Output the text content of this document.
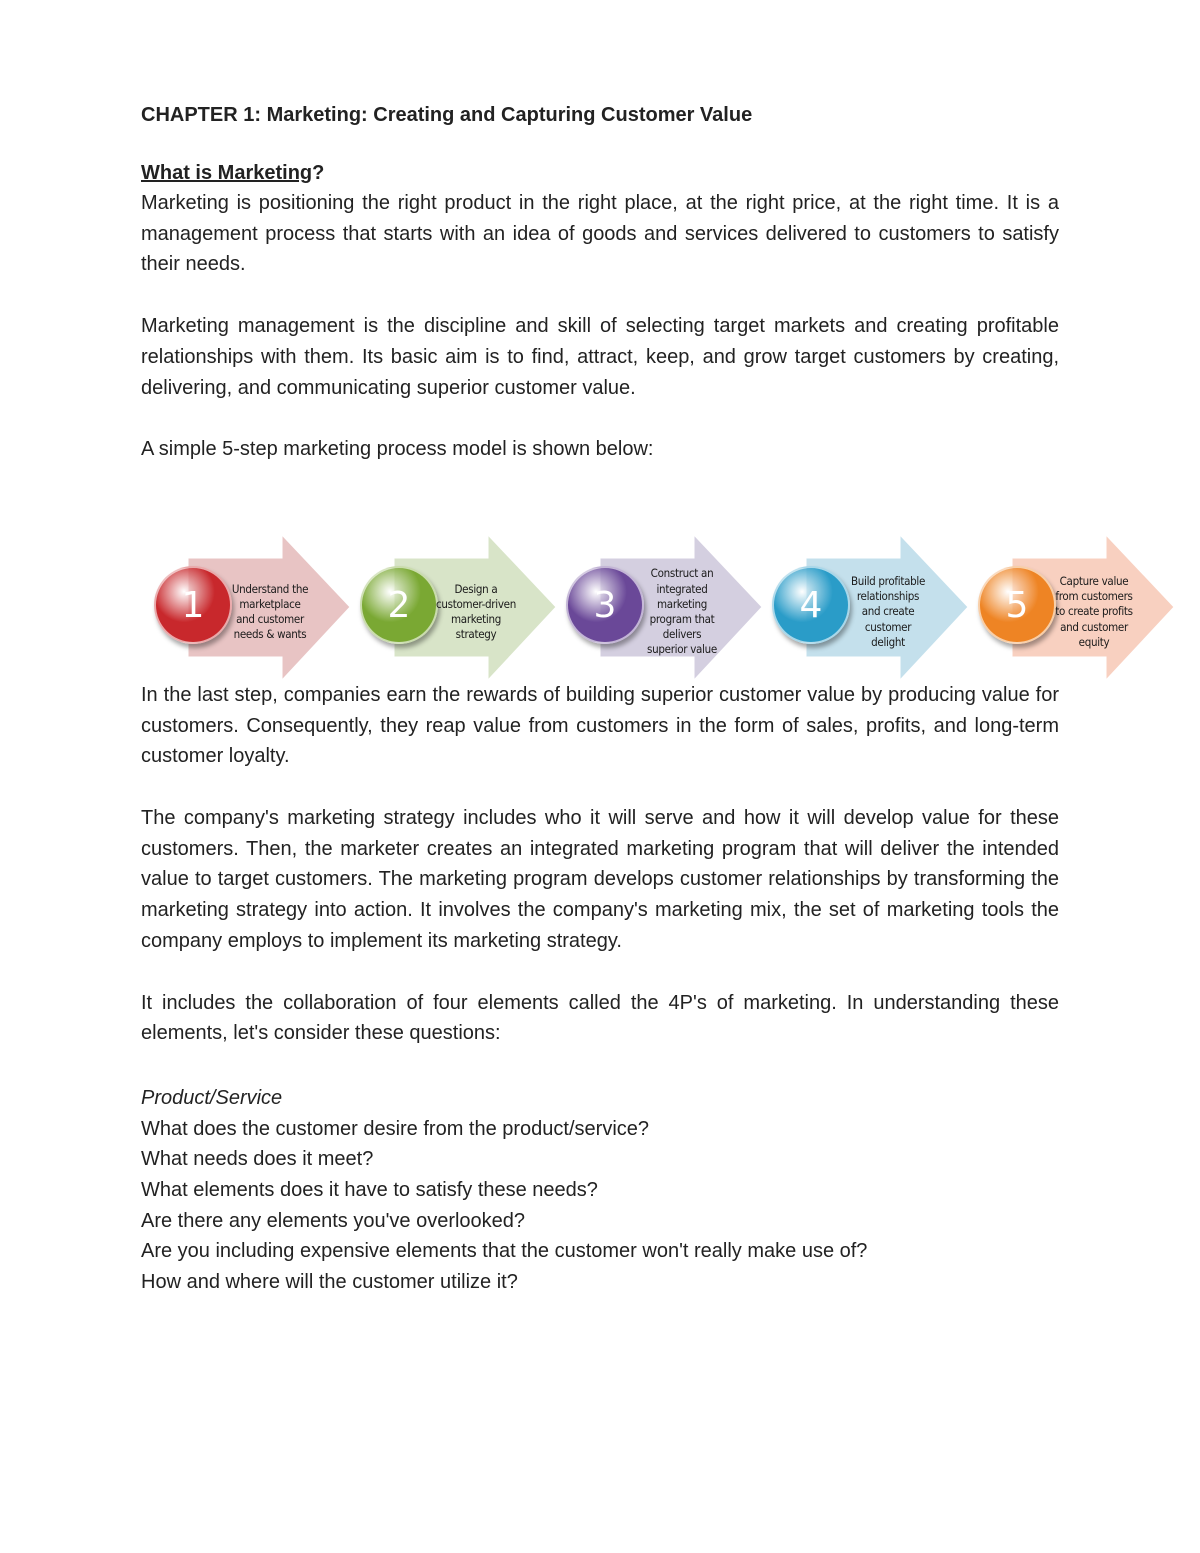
CHAPTER 1: Marketing: Creating and Capturing Customer Value
What is Marketing?

Marketing is positioning the right product in the right place, at the right price, at the right time. It is a management process that starts with an idea of goods and services delivered to customers to satisfy their needs.

Marketing management is the discipline and skill of selecting target markets and creating profitable relationships with them. Its basic aim is to find, attract, keep, and grow target customers by creating, delivering, and communicating superior customer value.

A simple 5-step marketing process model is shown below:

In the last step, companies earn the rewards of building superior customer value by producing value for customers. Consequently, they reap value from customers in the form of sales, profits, and long-term customer loyalty.

The company's marketing strategy includes who it will serve and how it will develop value for these customers. Then, the marketer creates an integrated marketing program that will deliver the intended value to target customers. The marketing program develops customer relationships by transforming the marketing strategy into action. It involves the company's marketing mix, the set of marketing tools the company employs to implement its marketing strategy.

It includes the collaboration of four elements called the 4P's of marketing. In understanding these elements, let's consider these questions:

Product/Service

What does the customer desire from the product/service?

What needs does it meet?

What elements does it have to satisfy these needs?

Are there any elements you've overlooked?

Are you including expensive elements that the customer won't really make use of?

How and where will the customer utilize it?

1 Understand the marketplace and customer needs & wants
2	Design a customer-driven marketing strategy
3
Construct an integrated marketing program that delivers superior value
4
Build profitable relationships and create customer delight
5
Capture value from customers to create profits and customer equity
